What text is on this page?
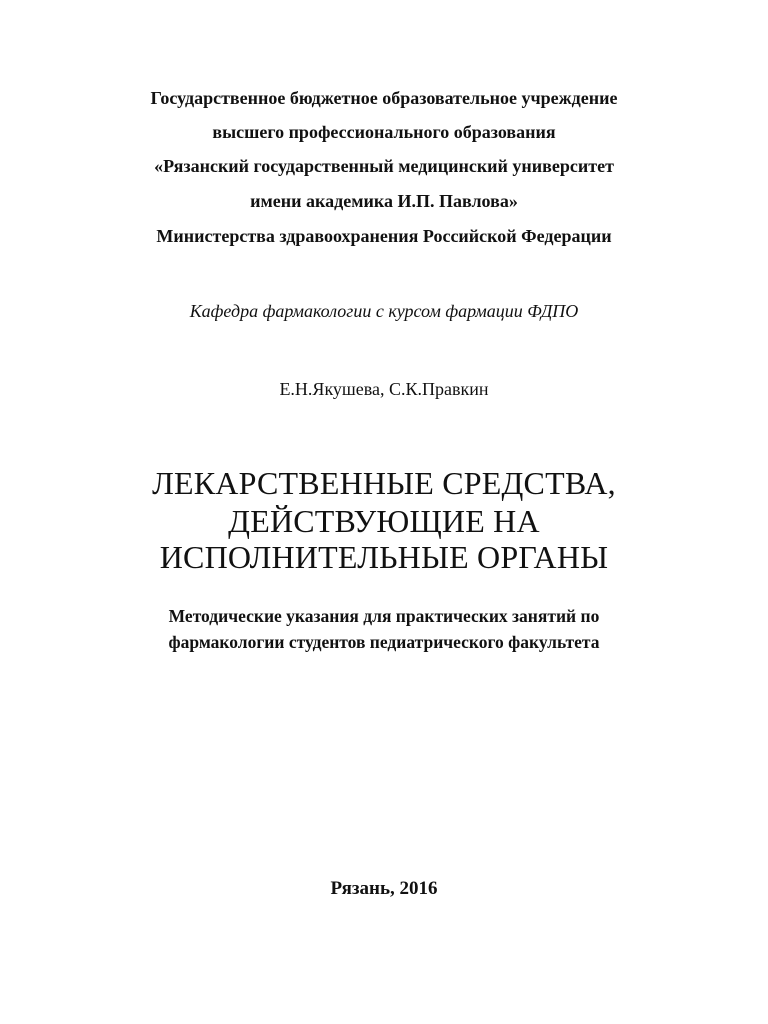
Государственное бюджетное образовательное учреждение
высшего профессионального образования
«Рязанский государственный медицинский университет
имени академика И.П. Павлова»
Министерства здравоохранения Российской Федерации
Кафедра фармакологии с курсом фармации ФДПО
Е.Н.Якушева, С.К.Правкин
ЛЕКАРСТВЕННЫЕ СРЕДСТВА,
ДЕЙСТВУЮЩИЕ НА
ИСПОЛНИТЕЛЬНЫЕ ОРГАНЫ
Методические указания для практических занятий по
фармакологии студентов педиатрического факультета
Рязань, 2016
